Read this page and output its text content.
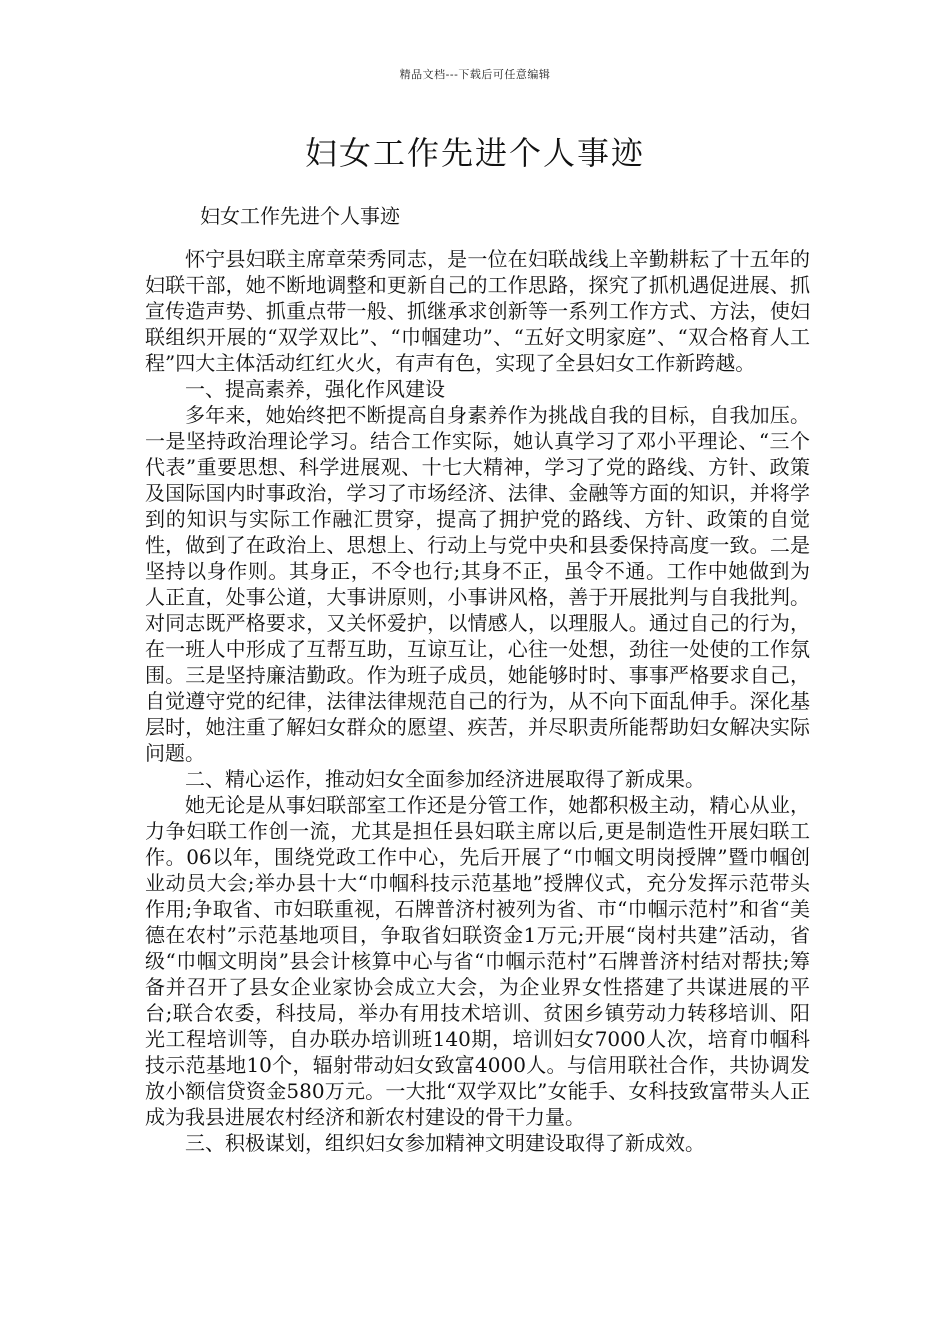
精品文档---下载后可任意编辑
妇女工作先进个人事迹
妇女工作先进个人事迹

怀宁县妇联主席章荣秀同志，是一位在妇联战线上辛勤耕耘了十五年的妇联干部，她不断地调整和更新自己的工作思路，探究了抓机遇促进展、抓宣传造声势、抓重点带一般、抓继承求创新等一系列工作方式、方法，使妇联组织开展的“双学双比”、“巾帼建功”、“五好文明家庭”、“双合格育人工程”四大主体活动红红火火，有声有色，实现了全县妇女工作新跨越。

一、提高素养，强化作风建设

多年来，她始终把不断提高自身素养作为挑战自我的目标，自我加压。一是坚持政治理论学习。结合工作实际，她认真学习了邓小平理论、“三个代表”重要思想、科学进展观、十七大精神，学习了党的路线、方针、政策及国际国内时事政治，学习了市场经济、法律、金融等方面的知识，并将学到的知识与实际工作融汇贯穿，提高了拥护党的路线、方针、政策的自觉性，做到了在政治上、思想上、行动上与党中央和县委保持高度一致。二是坚持以身作则。其身正，不令也行;其身不正，虽令不通。工作中她做到为人正直，处事公道，大事讲原则，小事讲风格，善于开展批判与自我批判。对同志既严格要求，又关怀爱护，以情感人，以理服人。通过自己的行为，在一班人中形成了互帮互助，互谅互让，心往一处想，劲往一处使的工作氛围。三是坚持廉洁勤政。作为班子成员，她能够时时、事事严格要求自己，自觉遵守党的纪律，法律法律规范自己的行为，从不向下面乱伸手。深化基层时，她注重了解妇女群众的愿望、疾苦，并尽职责所能帮助妇女解决实际问题。

二、精心运作，推动妇女全面参加经济进展取得了新成果。

她无论是从事妇联部室工作还是分管工作，她都积极主动，精心从业，力争妇联工作创一流，尤其是担任县妇联主席以后,更是制造性开展妇联工作。06以年，围绕党政工作中心，先后开展了“巾帼文明岗授牌”暨巾帼创业动员大会;举办县十大“巾帼科技示范基地”授牌仪式，充分发挥示范带头作用;争取省、市妇联重视，石牌普济村被列为省、市“巾帼示范村”和省“美德在农村”示范基地项目，争取省妇联资金1万元;开展“岗村共建”活动，省级“巾帼文明岗”县会计核算中心与省“巾帼示范村”石牌普济村结对帮扶;筹备并召开了县女企业家协会成立大会，为企业界女性搭建了共谋进展的平台;联合农委，科技局，举办有用技术培训、贫困乡镇劳动力转移培训、阳光工程培训等，自办联办培训班140期，培训妇女7000人次，培育巾帼科技示范基地10个，辐射带动妇女致富4000人。与信用联社合作，共协调发放小额信贷资金580万元。一大批“双学双比”女能手、女科技致富带头人正成为我县进展农村经济和新农村建设的骨干力量。

三、积极谋划，组织妇女参加精神文明建设取得了新成效。
